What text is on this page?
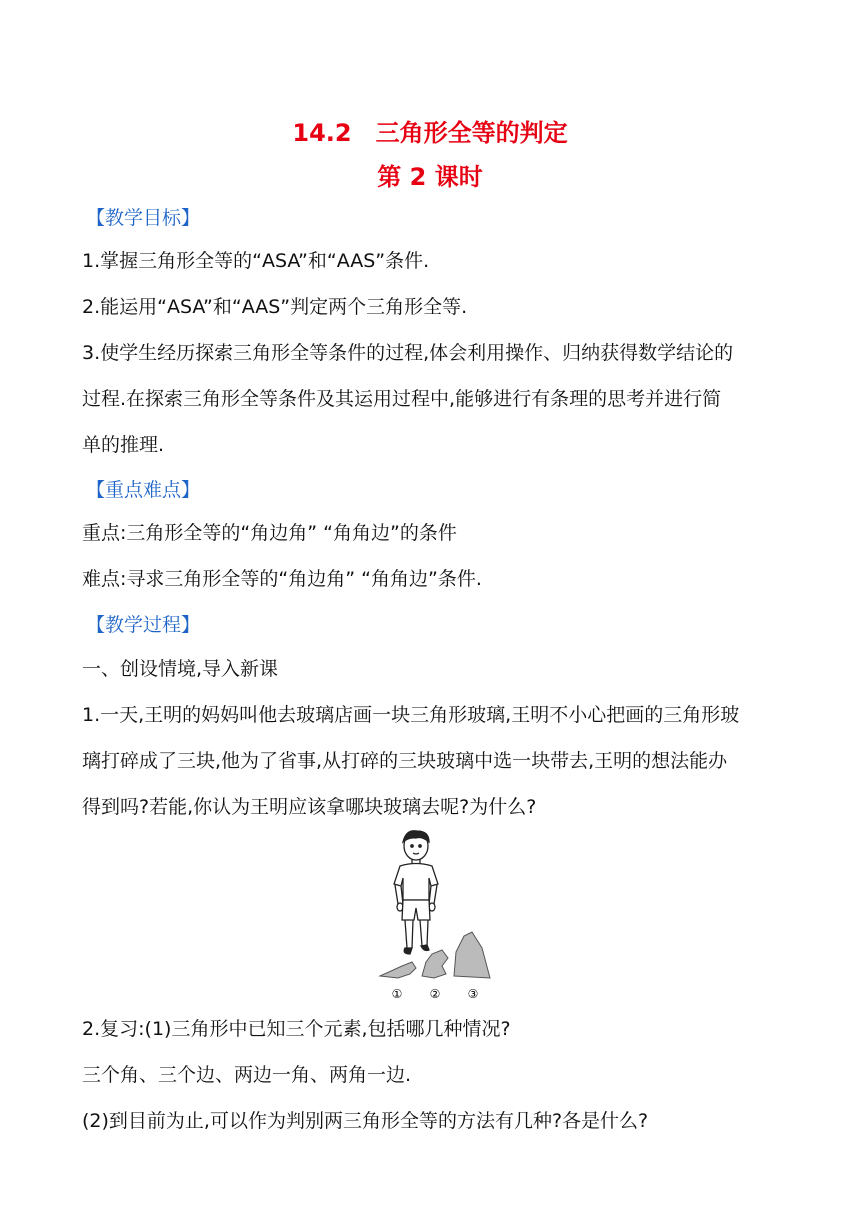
14.2　三角形全等的判定
第 2 课时
【教学目标】
1.掌握三角形全等的“ASA”和“AAS”条件.
2.能运用“ASA”和“AAS”判定两个三角形全等.
3.使学生经历探索三角形全等条件的过程,体会利用操作、归纳获得数学结论的
过程.在探索三角形全等条件及其运用过程中,能够进行有条理的思考并进行简
单的推理.
【重点难点】
重点:三角形全等的“角边角” “角角边”的条件
难点:寻求三角形全等的“角边角” “角角边”条件.
【教学过程】
一、创设情境,导入新课
1.一天,王明的妈妈叫他去玻璃店画一块三角形玻璃,王明不小心把画的三角形玻
璃打碎成了三块,他为了省事,从打碎的三块玻璃中选一块带去,王明的想法能办
得到吗?若能,你认为王明应该拿哪块玻璃去呢?为什么?
① ② ③
2.复习:(1)三角形中已知三个元素,包括哪几种情况?
三个角、三个边、两边一角、两角一边.
(2)到目前为止,可以作为判别两三角形全等的方法有几种?各是什么?
